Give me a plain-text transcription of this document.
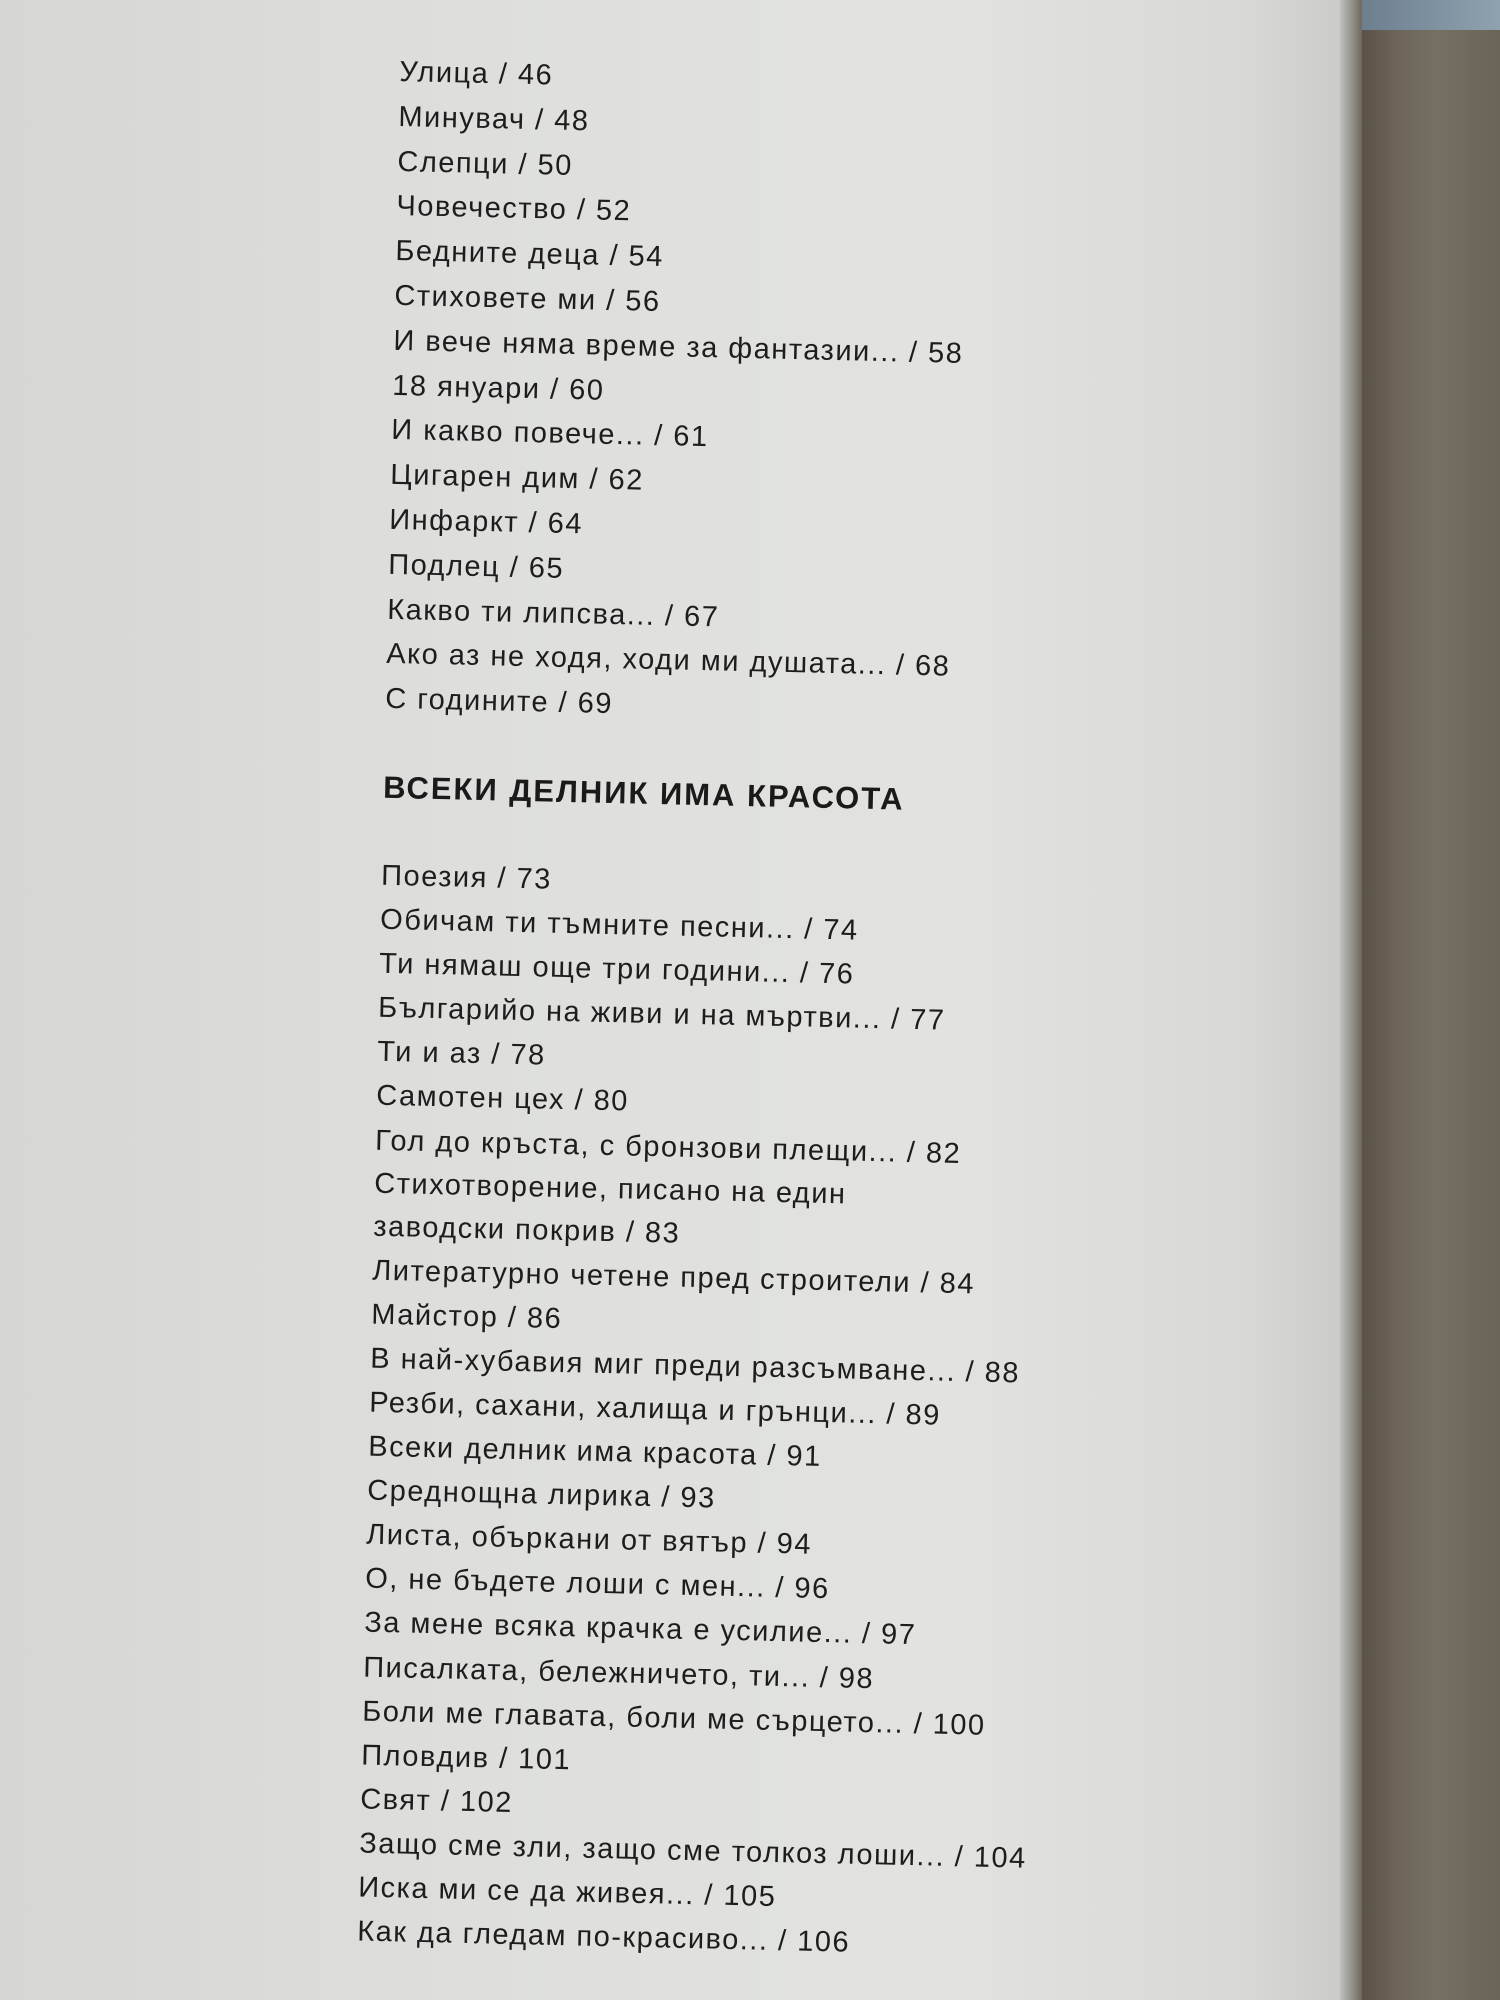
Улица / 46
Минувач / 48
Слепци / 50
Човечество / 52
Бедните деца / 54
Стиховете ми / 56
И вече няма време за фантазии... / 58
18 януари / 60
И какво повече... / 61
Цигарен дим / 62
Инфаркт / 64
Подлец / 65
Какво ти липсва... / 67
Ако аз не ходя, ходи ми душата... / 68
С годините / 69
ВСЕКИ ДЕЛНИК ИМА КРАСОТА
Поезия / 73
Обичам ти тъмните песни... / 74
Ти нямаш още три години... / 76
Българийо на живи и на мъртви... / 77
Ти и аз / 78
Самотен цех / 80
Гол до кръста, с бронзови плещи... / 82
Стихотворение, писано на един
заводски покрив / 83
Литературно четене пред строители / 84
Майстор / 86
В най-хубавия миг преди разсъмване... / 88
Резби, сахани, халища и грънци... / 89
Всеки делник има красота / 91
Среднощна лирика / 93
Листа, объркани от вятър / 94
О, не бъдете лоши с мен... / 96
За мене всяка крачка е усилие... / 97
Писалката, бележничето, ти... / 98
Боли ме главата, боли ме сърцето... / 100
Пловдив / 101
Свят / 102
Защо сме зли, защо сме толкоз лоши... / 104
Иска ми се да живея... / 105
Как да гледам по-красиво... / 106
